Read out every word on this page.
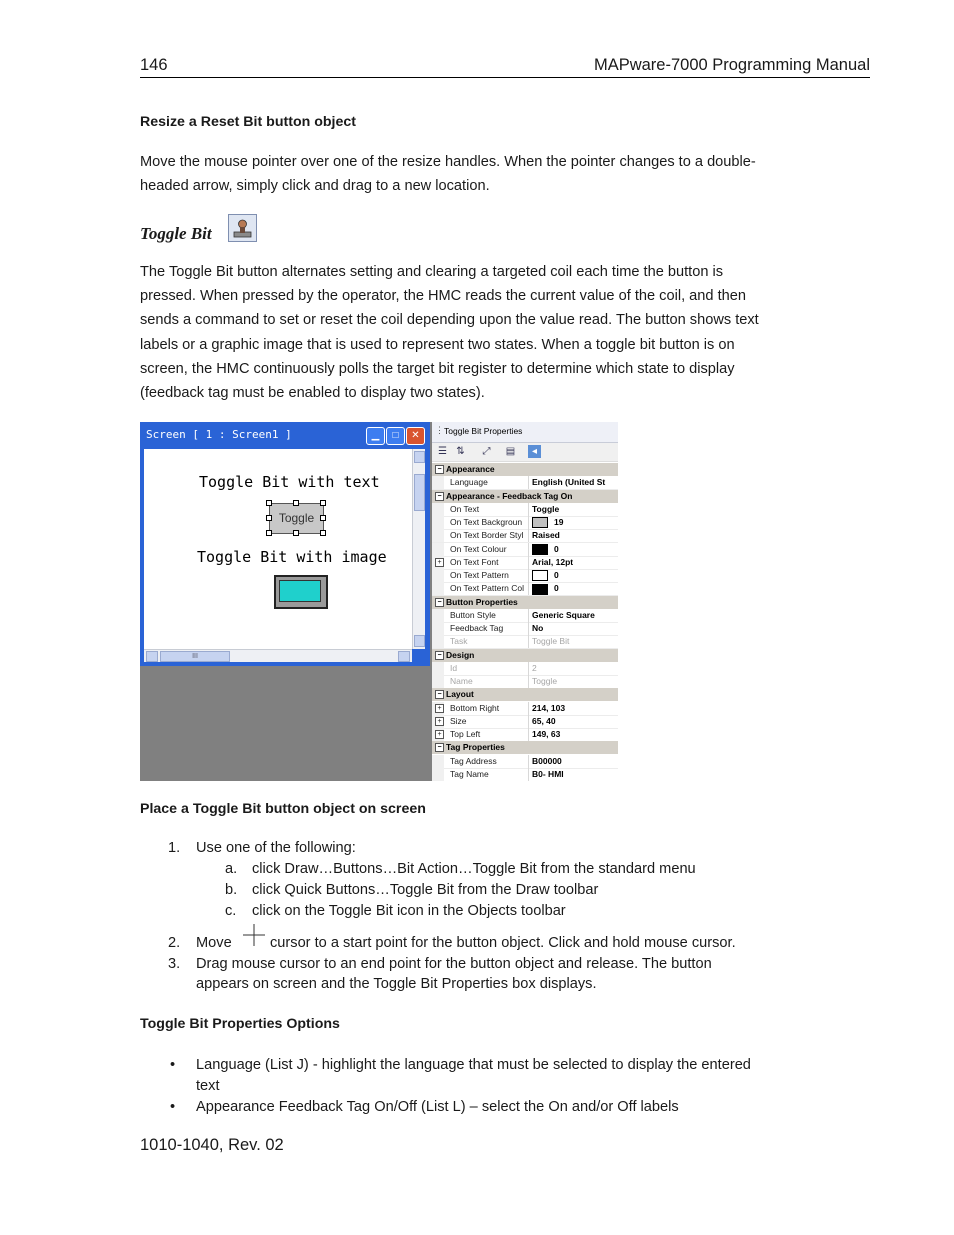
146	MAPware-7000 Programming Manual
Resize a Reset Bit button object
Move the mouse pointer over one of the resize handles. When the pointer changes to a double-
headed arrow, simply click and drag to a new location.
Toggle Bit
The Toggle Bit button alternates setting and clearing a targeted coil each time the button is
pressed. When pressed by the operator, the HMC reads the current value of the coil, and then
sends a command to set or reset the coil depending upon the value read. The button shows text
labels or a graphic image that is used to represent two states. When a toggle bit button is on
screen, the HMC continuously polls the target bit register to determine which state to display
(feedback tag must be enabled to display two states).
Screen [ 1 : Screen1 ]	▁	□	✕
Toggle Bit with text
Toggle
Toggle Bit with image
III
⋮ Toggle Bit Properties
☰ ⇅ ⤢ ▤	◂
− Appearance
Language	English (United St
− Appearance - Feedback Tag On
On Text	Toggle
On Text Backgroun	19
On Text Border Styl Raised
On Text Colour	0
+ On Text Font	Arial, 12pt
On Text Pattern	0
On Text Pattern Col	0
− Button Properties
Button Style	Generic Square
Feedback Tag	No
Task	Toggle Bit
− Design
Id	2
Name	Toggle
− Layout
+ Bottom Right	214, 103
+ Size	65, 40
+ Top Left	149, 63
− Tag Properties
Tag Address	B00000
Tag Name	B0- HMI
Place a Toggle Bit button object on screen
1. Use one of the following:
a. click Draw…Buttons…Bit Action…Toggle Bit from the standard menu
b. click Quick Buttons…Toggle Bit from the Draw toolbar
c. click on the Toggle Bit icon in the Objects toolbar
2. Move	cursor to a start point for the button object. Click and hold mouse cursor.
3. Drag mouse cursor to an end point for the button object and release. The button
appears on screen and the Toggle Bit Properties box displays.
Toggle Bit Properties Options
• Language (List J) - highlight the language that must be selected to display the entered
text
• Appearance Feedback Tag On/Off (List L) – select the On and/or Off labels
1010-1040, Rev. 02
